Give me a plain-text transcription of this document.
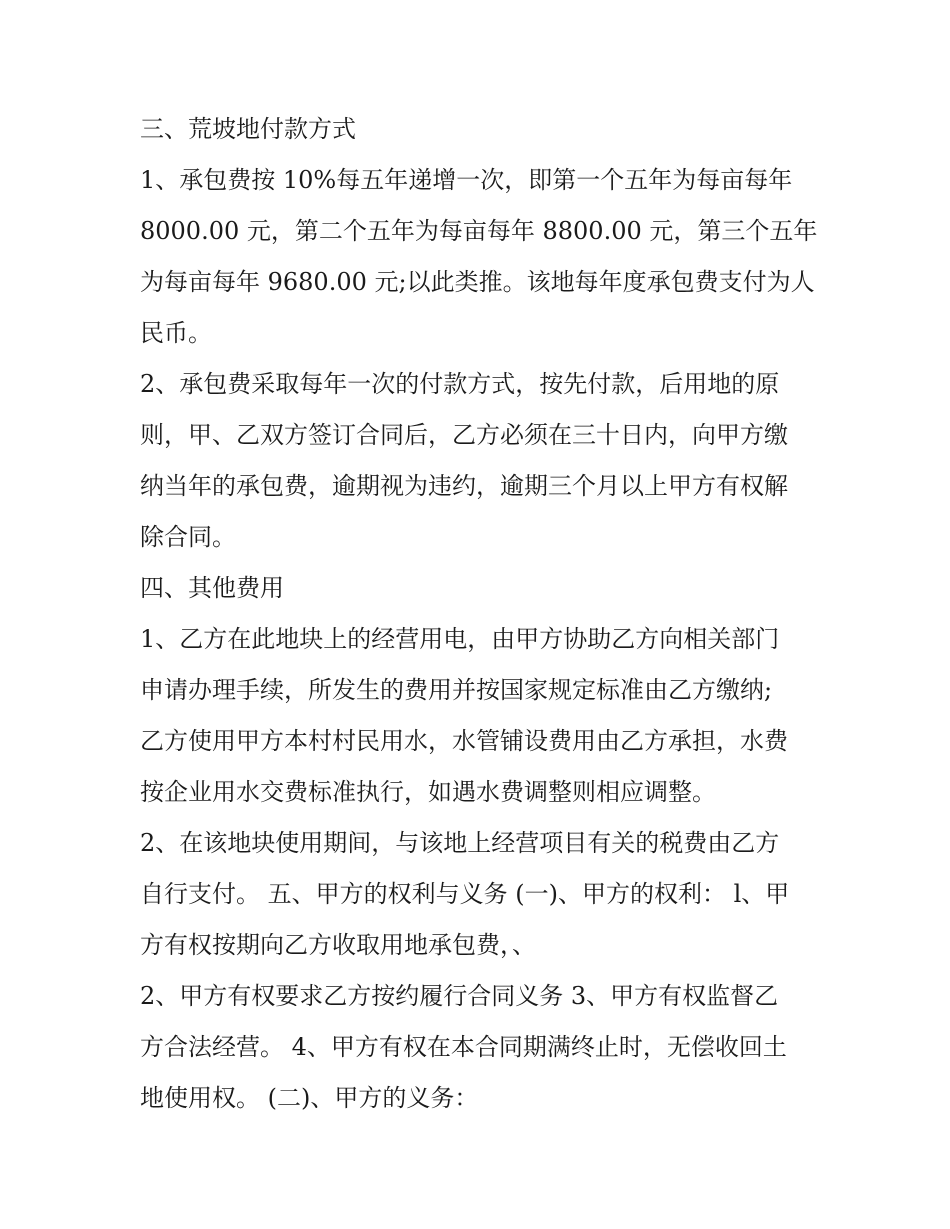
三、荒坡地付款方式

1、承包费按 10%每五年递增一次，即第一个五年为每亩每年

8000.00 元，第二个五年为每亩每年 8800.00 元，第三个五年

为每亩每年 9680.00 元;以此类推。该地每年度承包费支付为人

民币。

2、承包费采取每年一次的付款方式，按先付款，后用地的原

则，甲、乙双方签订合同后，乙方必须在三十日内，向甲方缴

纳当年的承包费，逾期视为违约，逾期三个月以上甲方有权解

除合同。

四、其他费用

1、乙方在此地块上的经营用电，由甲方协助乙方向相关部门

申请办理手续，所发生的费用并按国家规定标准由乙方缴纳;

乙方使用甲方本村村民用水，水管铺设费用由乙方承担，水费

按企业用水交费标准执行，如遇水费调整则相应调整。

2、在该地块使用期间，与该地上经营项目有关的税费由乙方

自行支付。 五、甲方的权利与义务 (一)、甲方的权利： l、甲

方有权按期向乙方收取用地承包费，、

2、甲方有权要求乙方按约履行合同义务 3、甲方有权监督乙

方合法经营。 4、甲方有权在本合同期满终止时，无偿收回土

地使用权。 (二)、甲方的义务：
